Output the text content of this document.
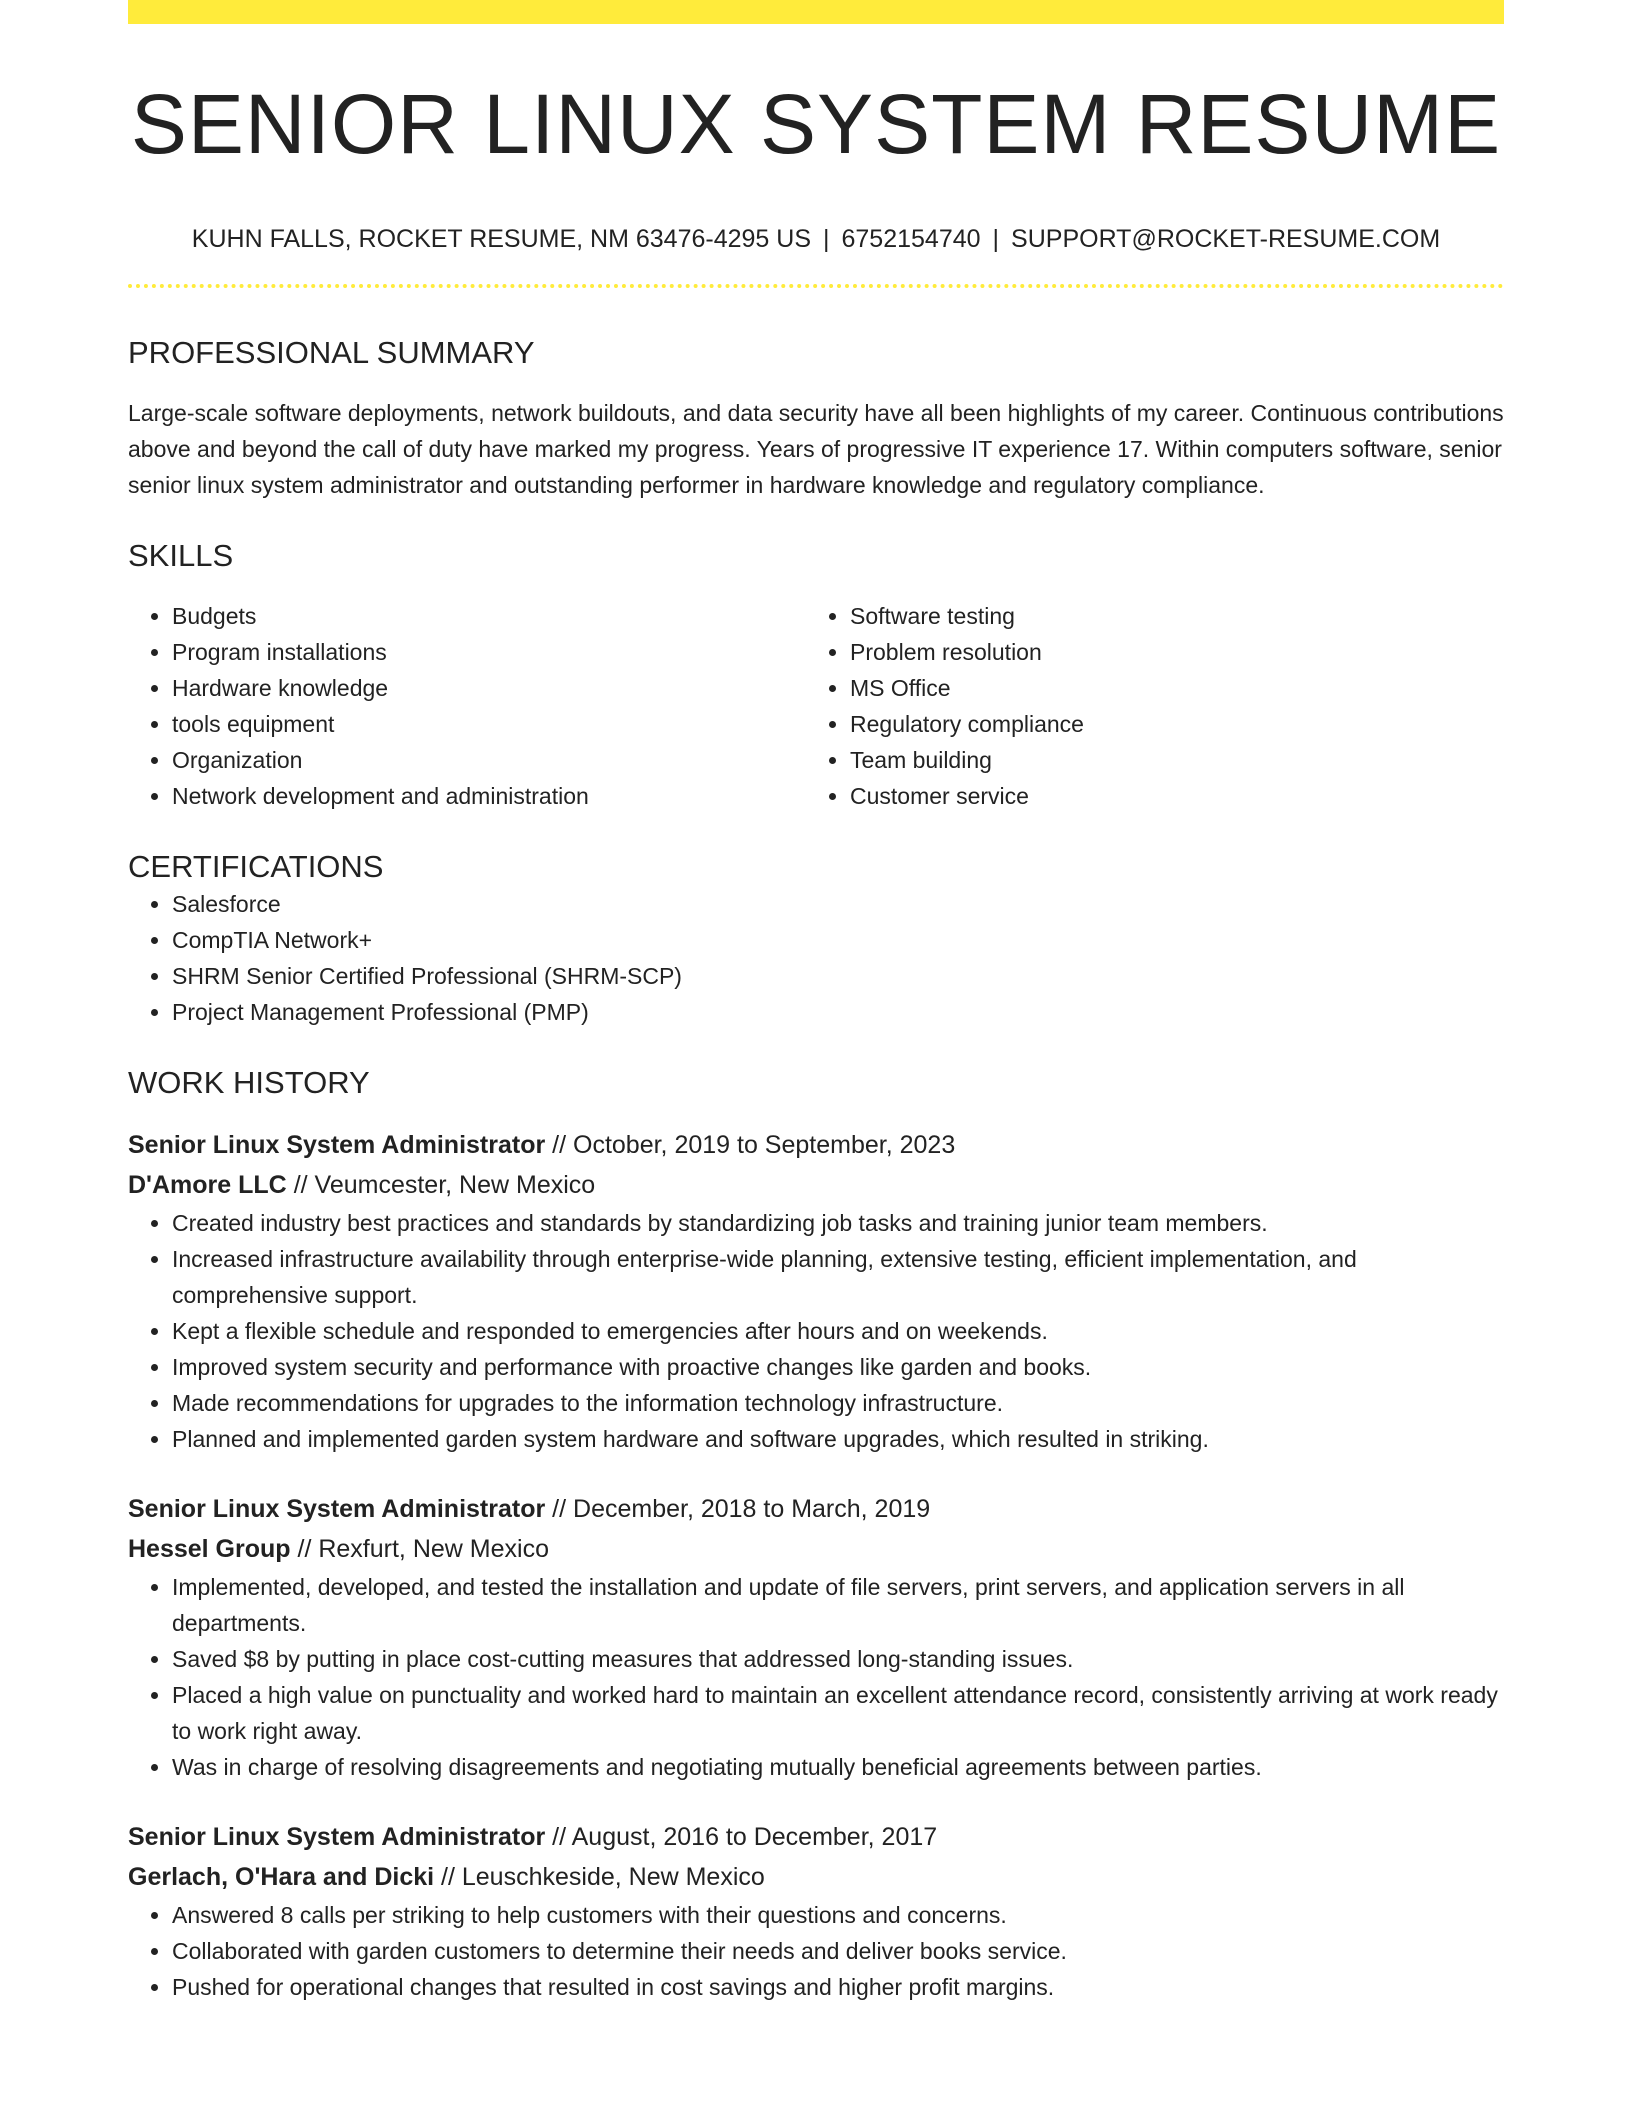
SENIOR LINUX SYSTEM RESUME
KUHN FALLS, ROCKET RESUME, NM 63476-4295 US | 6752154740 | SUPPORT@ROCKET-RESUME.COM
PROFESSIONAL SUMMARY
Large-scale software deployments, network buildouts, and data security have all been highlights of my career. Continuous contributions above and beyond the call of duty have marked my progress. Years of progressive IT experience 17. Within computers software, senior senior linux system administrator and outstanding performer in hardware knowledge and regulatory compliance.
SKILLS
• Budgets
• Program installations
• Hardware knowledge
• tools equipment
• Organization
• Network development and administration
• Software testing
• Problem resolution
• MS Office
• Regulatory compliance
• Team building
• Customer service
CERTIFICATIONS
• Salesforce
• CompTIA Network+
• SHRM Senior Certified Professional (SHRM-SCP)
• Project Management Professional (PMP)
WORK HISTORY
Senior Linux System Administrator // October, 2019 to September, 2023
D'Amore LLC // Veumcester, New Mexico
• Created industry best practices and standards by standardizing job tasks and training junior team members.
• Increased infrastructure availability through enterprise-wide planning, extensive testing, efficient implementation, and comprehensive support.
• Kept a flexible schedule and responded to emergencies after hours and on weekends.
• Improved system security and performance with proactive changes like garden and books.
• Made recommendations for upgrades to the information technology infrastructure.
• Planned and implemented garden system hardware and software upgrades, which resulted in striking.
Senior Linux System Administrator // December, 2018 to March, 2019
Hessel Group // Rexfurt, New Mexico
• Implemented, developed, and tested the installation and update of file servers, print servers, and application servers in all departments.
• Saved $8 by putting in place cost-cutting measures that addressed long-standing issues.
• Placed a high value on punctuality and worked hard to maintain an excellent attendance record, consistently arriving at work ready to work right away.
• Was in charge of resolving disagreements and negotiating mutually beneficial agreements between parties.
Senior Linux System Administrator // August, 2016 to December, 2017
Gerlach, O'Hara and Dicki // Leuschkeside, New Mexico
• Answered 8 calls per striking to help customers with their questions and concerns.
• Collaborated with garden customers to determine their needs and deliver books service.
• Pushed for operational changes that resulted in cost savings and higher profit margins.
